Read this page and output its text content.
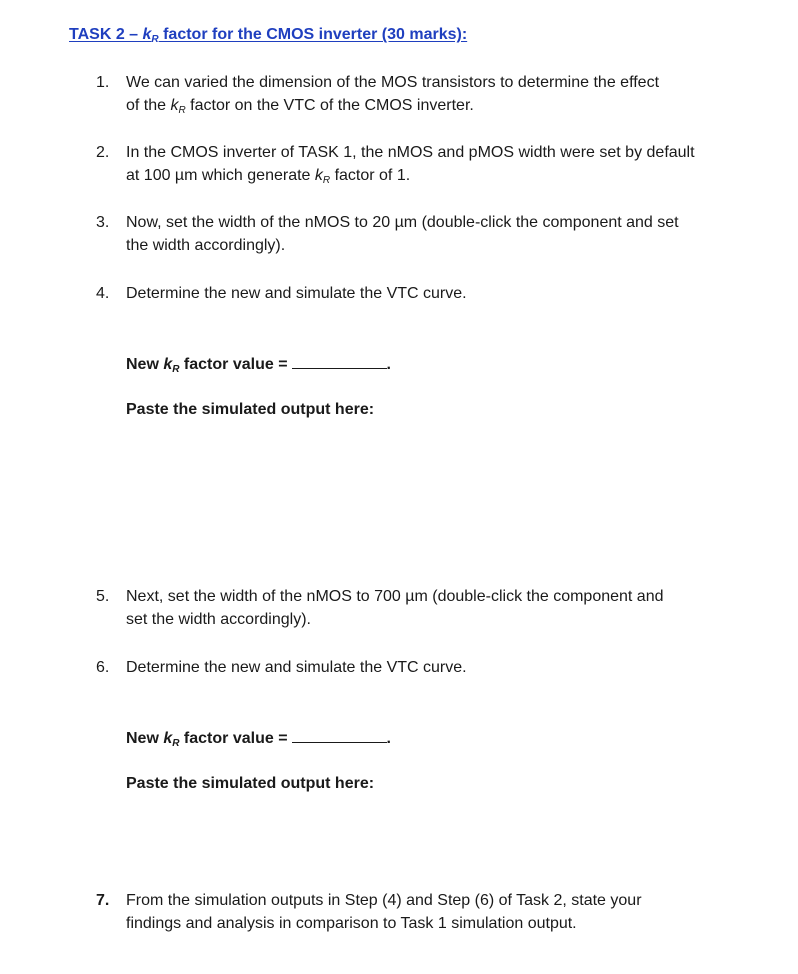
TASK $2 - k_R$ factor for the CMOS inverter (30 marks):
1.	We can varied the dimension of the MOS transistors to determine the effect
of the kR factor on the VTC of the CMOS inverter.
2.	In the CMOS inverter of TASK 1, the nMOS and pMOS width were set by default
at 100 µm which generate kR factor of 1.
3.	Now, set the width of the nMOS to 20 µm (double-click the component and set
the width accordingly).
4.	Determine the new and simulate the VTC curve.
New kR factor value =	.
Paste the simulated output here:
5.	Next, set the width of the nMOS to 700 µm (double-click the component and
set the width accordingly).
6.	Determine the new and simulate the VTC curve.
New kR factor value =	.
Paste the simulated output here:
7.	From the simulation outputs in Step (4) and Step (6) of Task 2, state your
findings and analysis in comparison to Task 1 simulation output.
